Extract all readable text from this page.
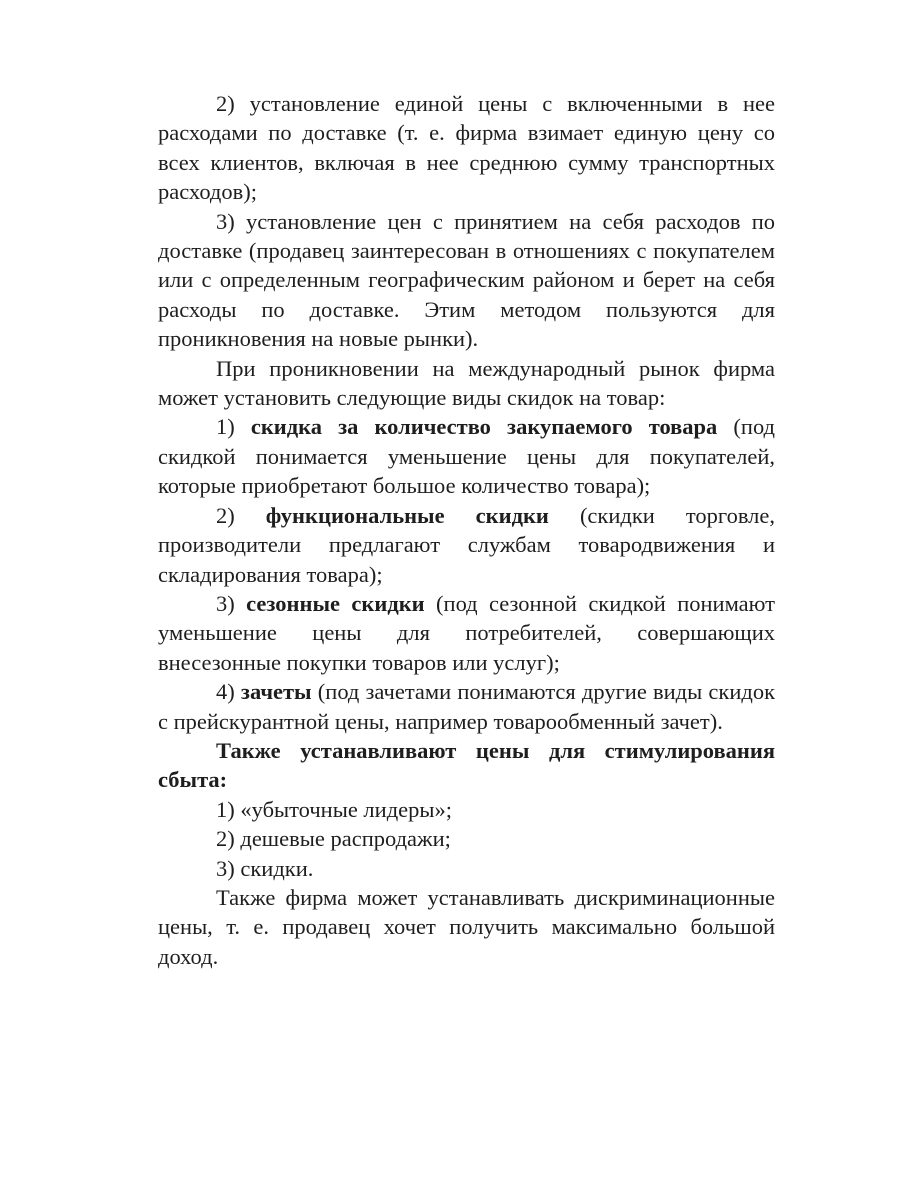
2) установление единой цены с включенными в нее расходами по доставке (т. е. фирма взимает единую цену со всех клиентов, включая в нее среднюю сумму транспортных расходов);

3) установление цен с принятием на себя расходов по доставке (продавец заинтересован в отношениях с покупателем или с определенным географическим районом и берет на себя расходы по доставке. Этим методом пользуются для проникновения на новые рынки).

При проникновении на международный рынок фирма может установить следующие виды скидок на товар:

1) скидка за количество закупаемого товара (под скидкой понимается уменьшение цены для покупателей, которые приобретают большое количество товара);

2) функциональные скидки (скидки торговле, производители предлагают службам товародвижения и складирования товара);

3) сезонные скидки (под сезонной скидкой понимают уменьшение цены для потребителей, совершающих внесезонные покупки товаров или услуг);

4) зачеты (под зачетами понимаются другие виды скидок с прейскурантной цены, например товарообменный зачет).

Также устанавливают цены для стимулирования сбыта:

1) «убыточные лидеры»;

2) дешевые распродажи;

3) скидки.

Также фирма может устанавливать дискриминационные цены, т. е. продавец хочет получить максимально большой доход.
